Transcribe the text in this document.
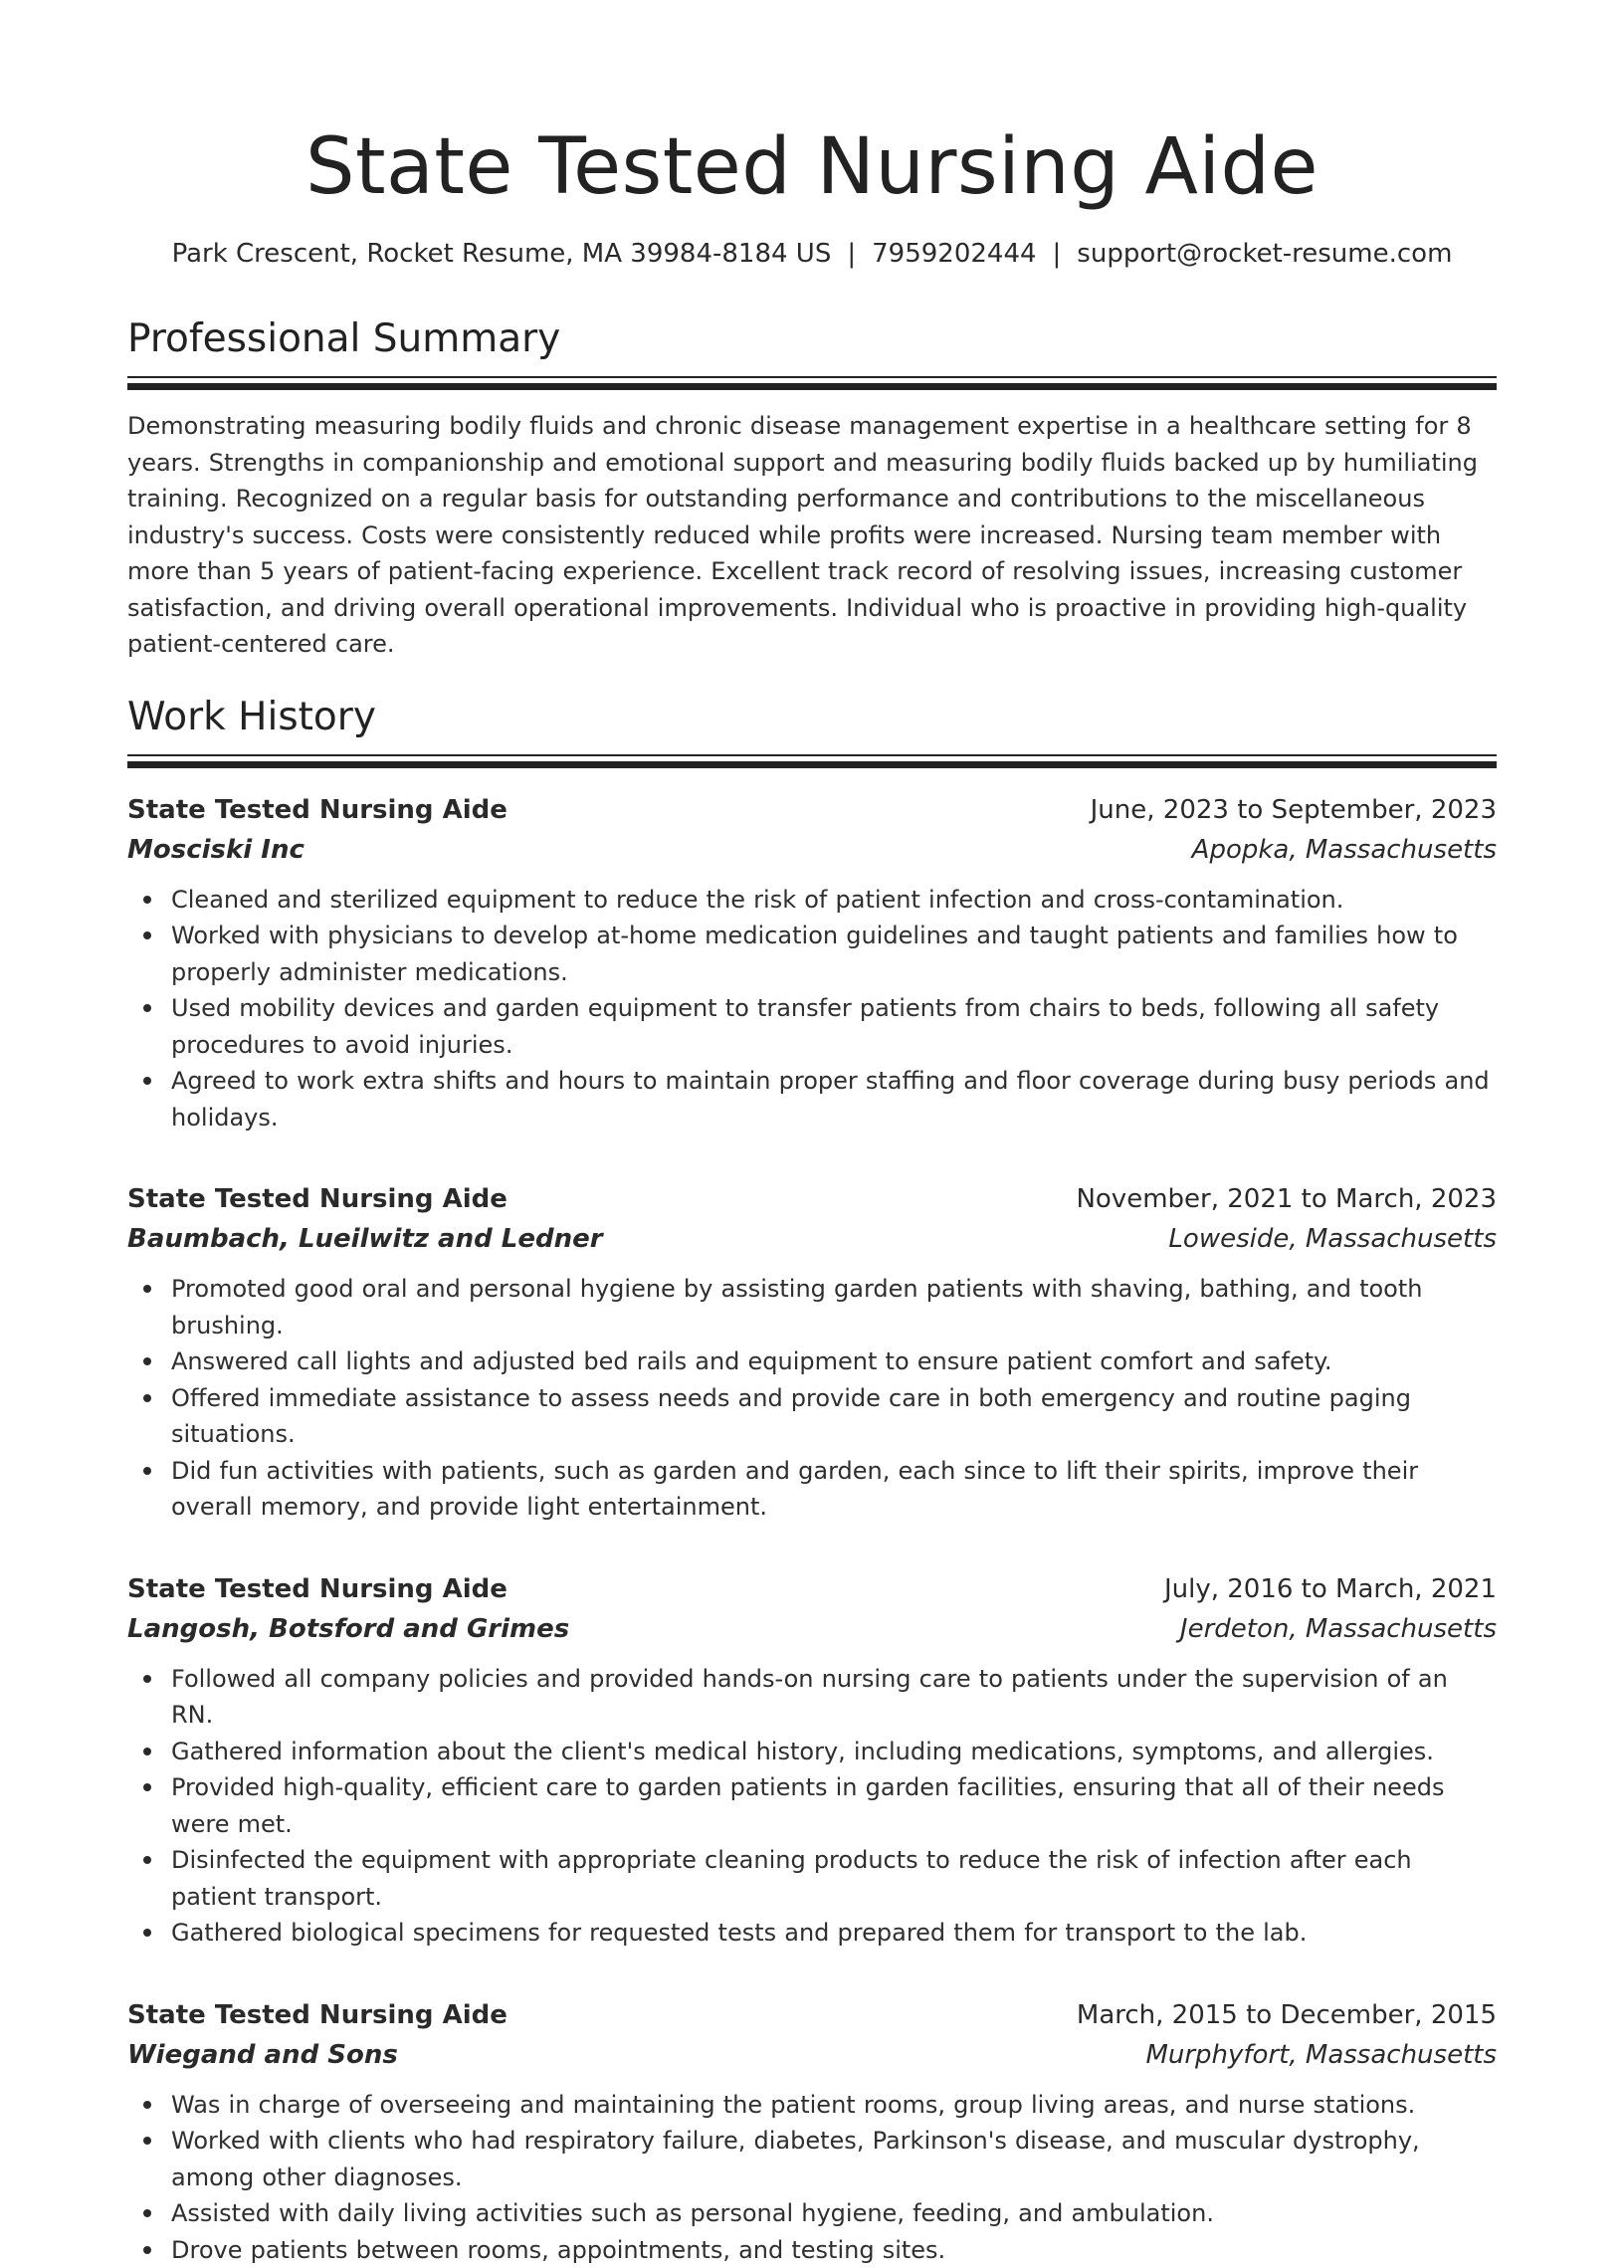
State Tested Nursing Aide
Park Crescent, Rocket Resume, MA 39984-8184 US | 7959202444 | support@rocket-resume.com
Professional Summary
Demonstrating measuring bodily fluids and chronic disease management expertise in a healthcare setting for 8 years. Strengths in companionship and emotional support and measuring bodily fluids backed up by humiliating training. Recognized on a regular basis for outstanding performance and contributions to the miscellaneous industry's success. Costs were consistently reduced while profits were increased. Nursing team member with more than 5 years of patient-facing experience. Excellent track record of resolving issues, increasing customer satisfaction, and driving overall operational improvements. Individual who is proactive in providing high-quality patient-centered care.
Work History
State Tested Nursing Aide	June, 2023 to September, 2023
Mosciski Inc	Apopka, Massachusetts
Cleaned and sterilized equipment to reduce the risk of patient infection and cross-contamination.
Worked with physicians to develop at-home medication guidelines and taught patients and families how to properly administer medications.
Used mobility devices and garden equipment to transfer patients from chairs to beds, following all safety procedures to avoid injuries.
Agreed to work extra shifts and hours to maintain proper staffing and floor coverage during busy periods and holidays.
State Tested Nursing Aide	November, 2021 to March, 2023
Baumbach, Lueilwitz and Ledner	Loweside, Massachusetts
Promoted good oral and personal hygiene by assisting garden patients with shaving, bathing, and tooth brushing.
Answered call lights and adjusted bed rails and equipment to ensure patient comfort and safety.
Offered immediate assistance to assess needs and provide care in both emergency and routine paging situations.
Did fun activities with patients, such as garden and garden, each since to lift their spirits, improve their overall memory, and provide light entertainment.
State Tested Nursing Aide	July, 2016 to March, 2021
Langosh, Botsford and Grimes	Jerdeton, Massachusetts
Followed all company policies and provided hands-on nursing care to patients under the supervision of an RN.
Gathered information about the client's medical history, including medications, symptoms, and allergies.
Provided high-quality, efficient care to garden patients in garden facilities, ensuring that all of their needs were met.
Disinfected the equipment with appropriate cleaning products to reduce the risk of infection after each patient transport.
Gathered biological specimens for requested tests and prepared them for transport to the lab.
State Tested Nursing Aide	March, 2015 to December, 2015
Wiegand and Sons	Murphyfort, Massachusetts
Was in charge of overseeing and maintaining the patient rooms, group living areas, and nurse stations.
Worked with clients who had respiratory failure, diabetes, Parkinson's disease, and muscular dystrophy, among other diagnoses.
Assisted with daily living activities such as personal hygiene, feeding, and ambulation.
Drove patients between rooms, appointments, and testing sites.
